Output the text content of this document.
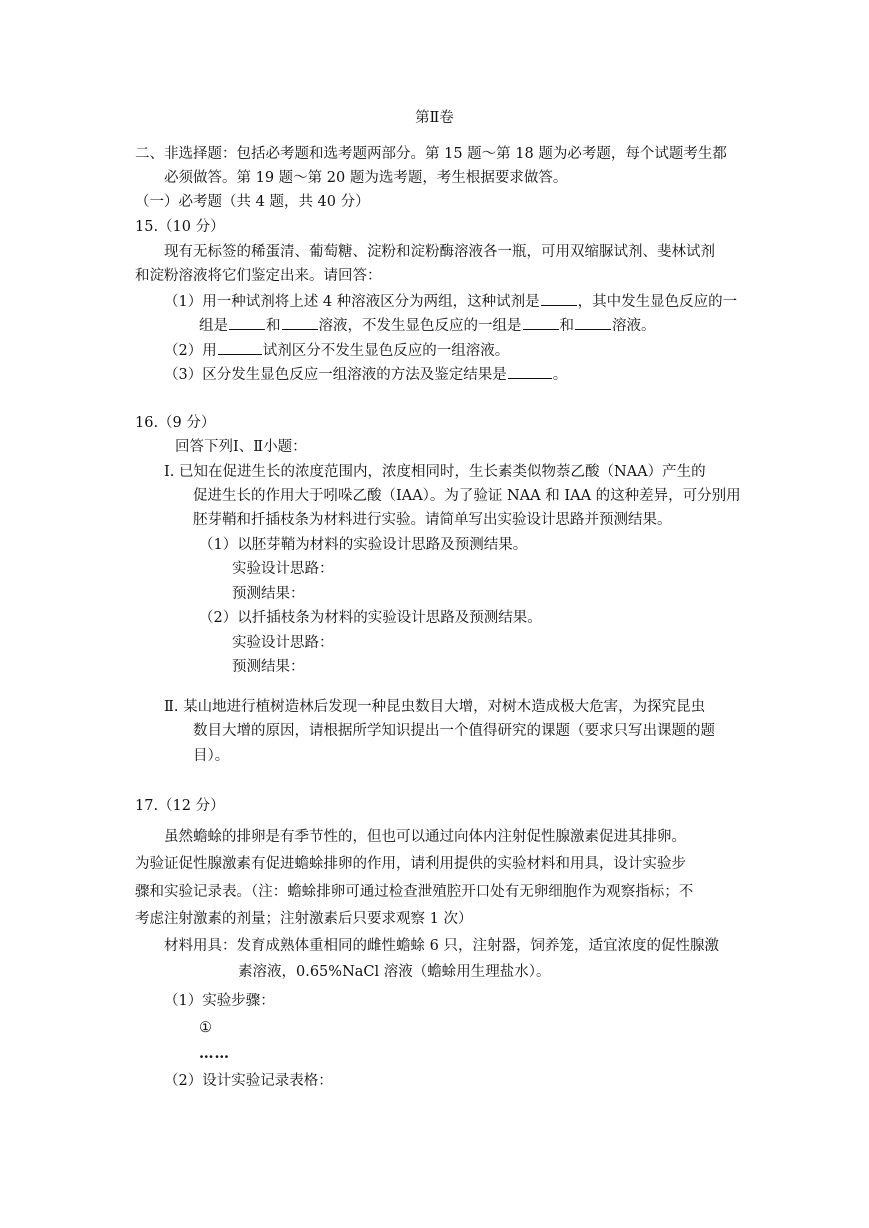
第Ⅱ卷
二、非选择题：包括必考题和选考题两部分。第 15 题～第 18 题为必考题，每个试题考生都
必须做答。第 19 题～第 20 题为选考题，考生根据要求做答。
（一）必考题（共 4 题，共 40 分）
15.（10 分）
现有无标签的稀蛋清、葡萄糖、淀粉和淀粉酶溶液各一瓶，可用双缩脲试剂、斐林试剂
和淀粉溶液将它们鉴定出来。请回答：
（1）用一种试剂将上述 4 种溶液区分为两组，这种试剂是	，其中发生显色反应的一
组是	和	溶液，不发生显色反应的一组是	和	溶液。
（2）用	试剂区分不发生显色反应的一组溶液。
（3）区分发生显色反应一组溶液的方法及鉴定结果是	。
16.（9 分）
回答下列Ⅰ、Ⅱ小题：
Ⅰ. 已知在促进生长的浓度范围内，浓度相同时，生长素类似物萘乙酸（NAA）产生的
促进生长的作用大于吲哚乙酸（IAA）。为了验证 NAA 和 IAA 的这种差异，可分别用
胚芽鞘和扦插枝条为材料进行实验。请简单写出实验设计思路并预测结果。
（1）以胚芽鞘为材料的实验设计思路及预测结果。
实验设计思路：
预测结果：
（2）以扦插枝条为材料的实验设计思路及预测结果。
实验设计思路：
预测结果：
Ⅱ. 某山地进行植树造林后发现一种昆虫数目大增，对树木造成极大危害，为探究昆虫
数目大增的原因，请根据所学知识提出一个值得研究的课题（要求只写出课题的题
目）。
17.（12 分）
虽然蟾蜍的排卵是有季节性的，但也可以通过向体内注射促性腺激素促进其排卵。
为验证促性腺激素有促进蟾蜍排卵的作用，请利用提供的实验材料和用具，设计实验步
骤和实验记录表。（注：蟾蜍排卵可通过检查泄殖腔开口处有无卵细胞作为观察指标；不
考虑注射激素的剂量；注射激素后只要求观察 1 次）
材料用具：发育成熟体重相同的雌性蟾蜍 6 只，注射器，饲养笼，适宜浓度的促性腺激
素溶液，0.65%NaCl 溶液（蟾蜍用生理盐水）。
（1）实验步骤：
①
……
（2）设计实验记录表格：
